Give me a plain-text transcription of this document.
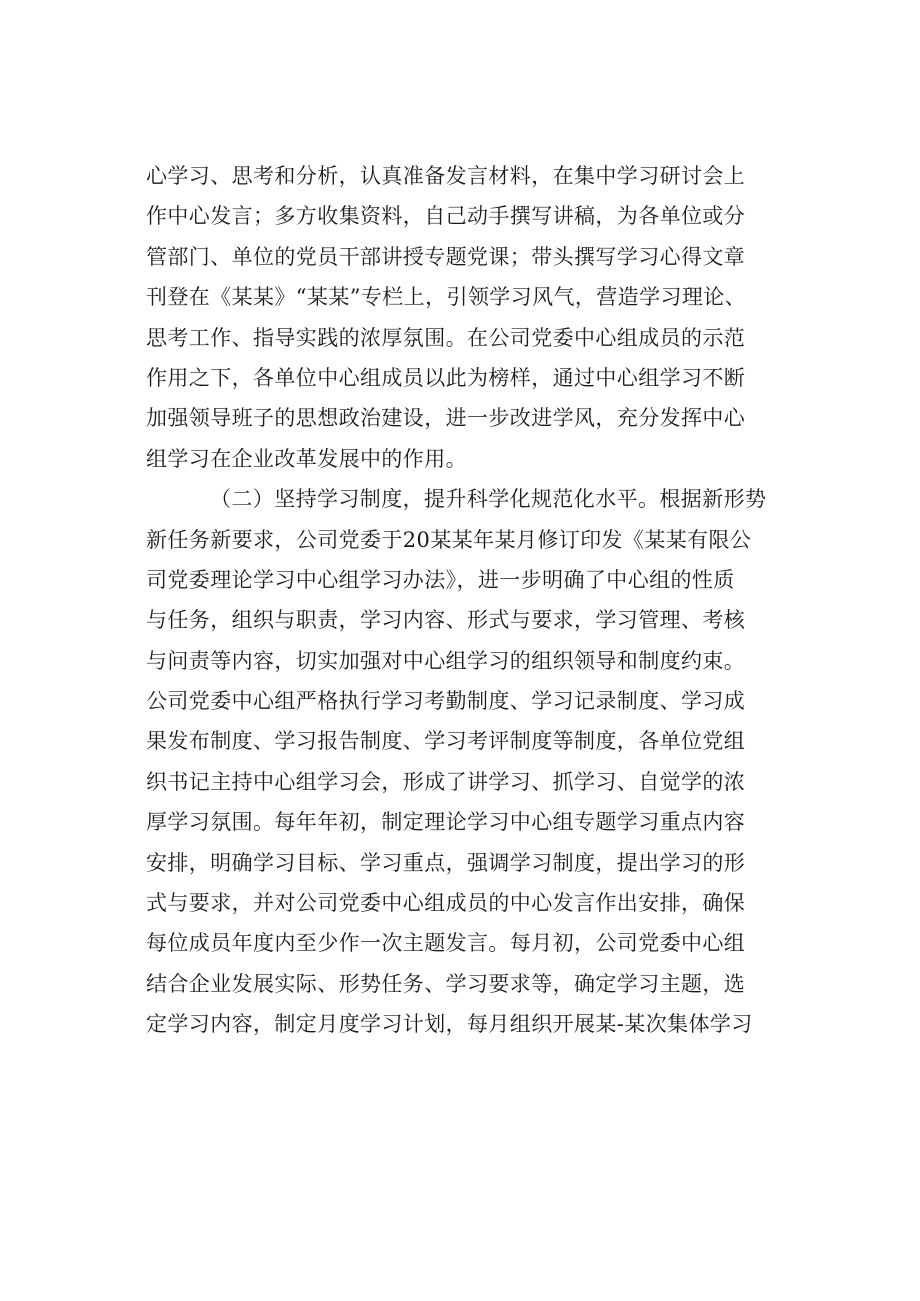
心学习、思考和分析，认真准备发言材料，在集中学习研讨会上
作中心发言；多方收集资料，自己动手撰写讲稿，为各单位或分
管部门、单位的党员干部讲授专题党课；带头撰写学习心得文章
刊登在《某某》“某某”专栏上，引领学习风气，营造学习理论、
思考工作、指导实践的浓厚氛围。在公司党委中心组成员的示范
作用之下，各单位中心组成员以此为榜样，通过中心组学习不断
加强领导班子的思想政治建设，进一步改进学风，充分发挥中心
组学习在企业改革发展中的作用。
（二）坚持学习制度，提升科学化规范化水平。根据新形势
新任务新要求，公司党委于20某某年某月修订印发《某某有限公
司党委理论学习中心组学习办法》，进一步明确了中心组的性质
与任务，组织与职责，学习内容、形式与要求，学习管理、考核
与问责等内容，切实加强对中心组学习的组织领导和制度约束。
公司党委中心组严格执行学习考勤制度、学习记录制度、学习成
果发布制度、学习报告制度、学习考评制度等制度，各单位党组
织书记主持中心组学习会，形成了讲学习、抓学习、自觉学的浓
厚学习氛围。每年年初，制定理论学习中心组专题学习重点内容
安排，明确学习目标、学习重点，强调学习制度，提出学习的形
式与要求，并对公司党委中心组成员的中心发言作出安排，确保
每位成员年度内至少作一次主题发言。每月初，公司党委中心组
结合企业发展实际、形势任务、学习要求等，确定学习主题，选
定学习内容，制定月度学习计划，每月组织开展某-某次集体学习
